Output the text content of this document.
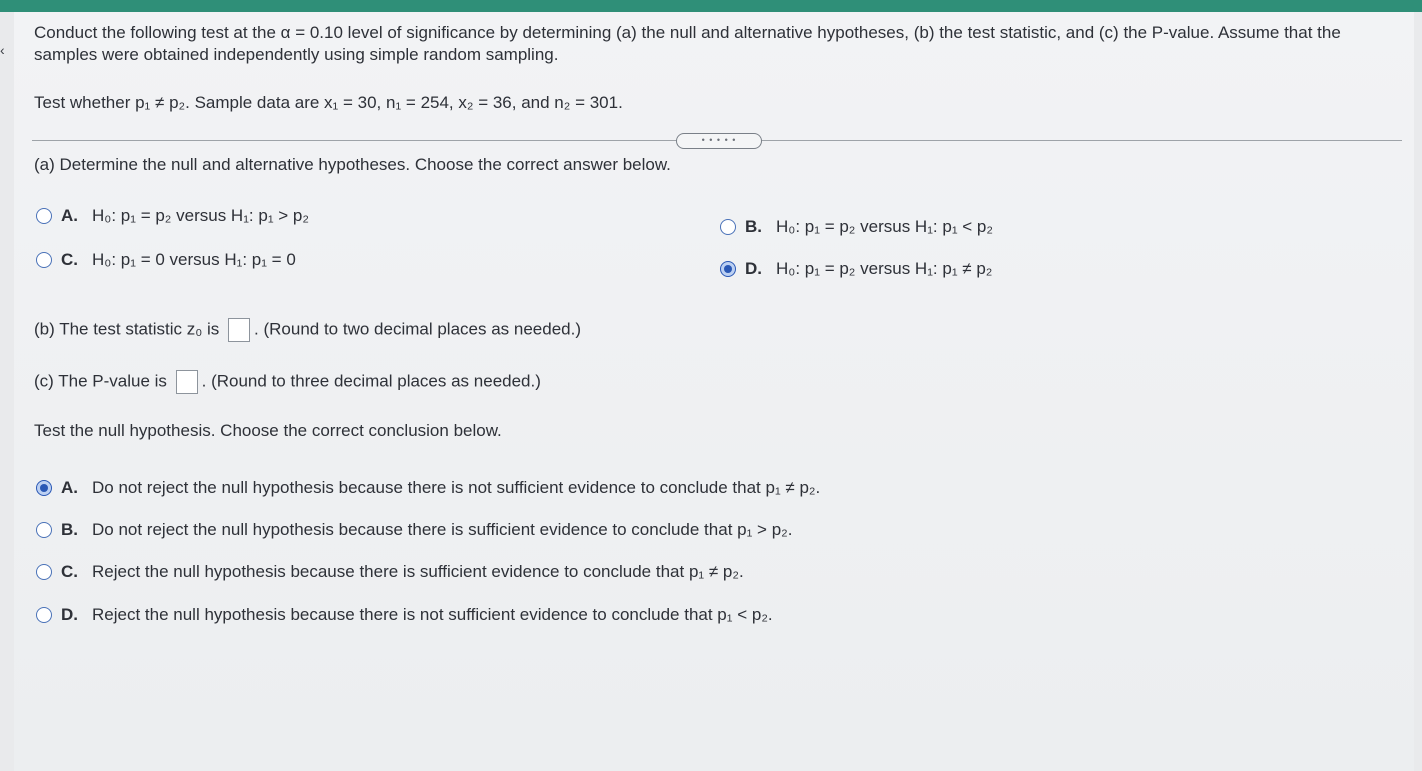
‹
Conduct the following test at the α = 0.10 level of significance by determining (a) the null and alternative hypotheses, (b) the test statistic, and (c) the P-value. Assume that the samples were obtained independently using simple random sampling.
Test whether p₁ ≠ p₂. Sample data are x₁ = 30, n₁ = 254, x₂ = 36, and n₂ = 301.
• • • • •
(a) Determine the null and alternative hypotheses. Choose the correct answer below.
A. H₀: p₁ = p₂ versus H₁: p₁ > p₂
B. H₀: p₁ = p₂ versus H₁: p₁ < p₂
C. H₀: p₁ = 0 versus H₁: p₁ = 0	D. H₀: p₁ = p₂ versus H₁: p₁ ≠ p₂
(b) The test statistic z₀ is . (Round to two decimal places as needed.)
(c) The P-value is . (Round to three decimal places as needed.)
Test the null hypothesis. Choose the correct conclusion below.
A. Do not reject the null hypothesis because there is not sufficient evidence to conclude that p₁ ≠ p₂.
B. Do not reject the null hypothesis because there is sufficient evidence to conclude that p₁ > p₂.
C. Reject the null hypothesis because there is sufficient evidence to conclude that p₁ ≠ p₂.
D. Reject the null hypothesis because there is not sufficient evidence to conclude that p₁ < p₂.
